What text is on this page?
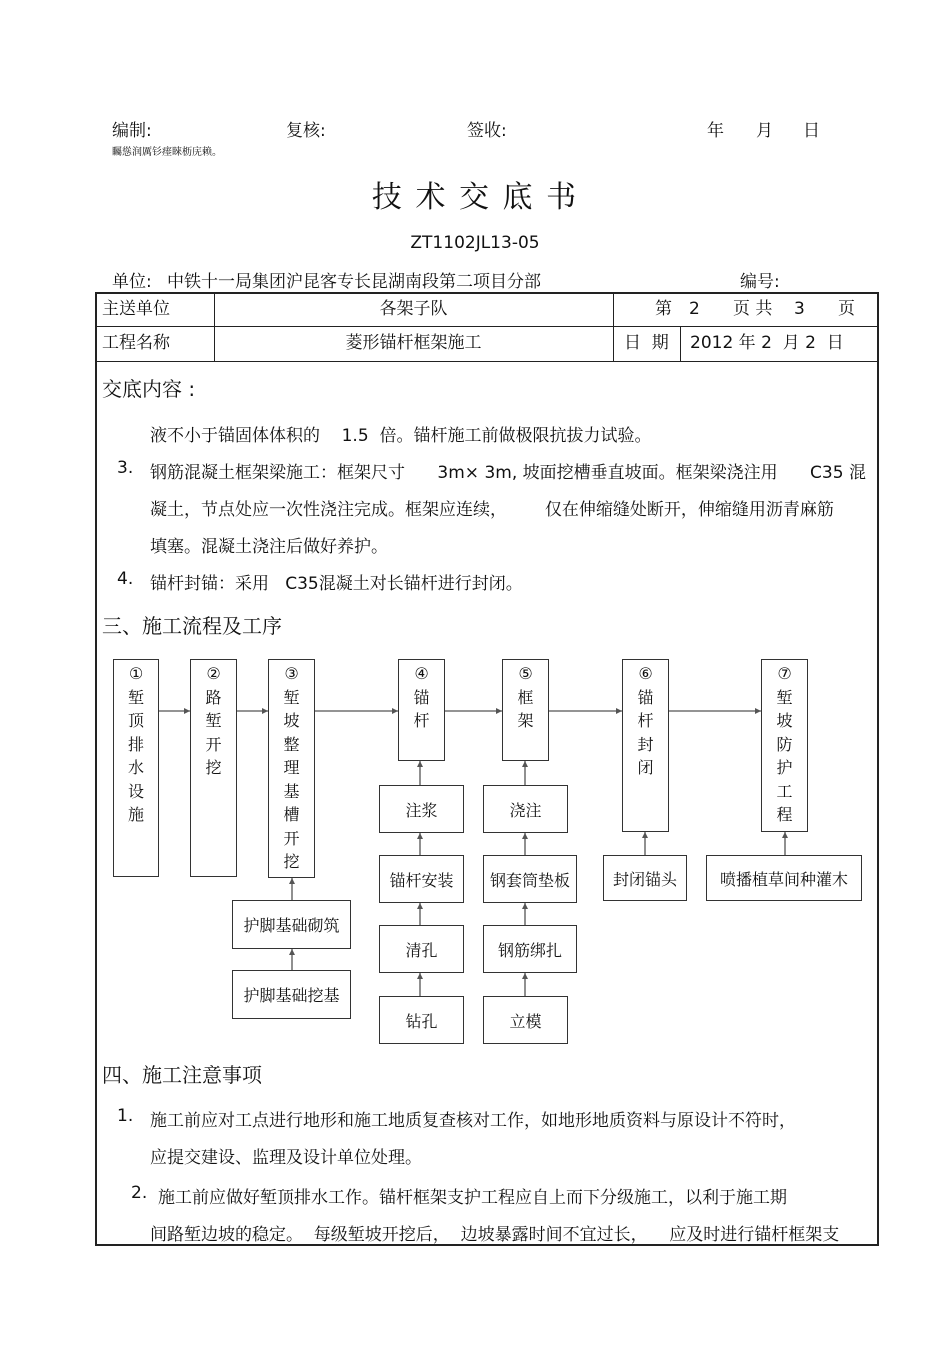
编制:	复核:	签收:	年 月 日
矚慫润厲钐瘗睞枥庑赖。
技 术 交 底 书
ZT1102JL13-05
单位: 中铁十一局集团沪昆客专长昆湖南段第二项目分部	编号:
主送单位	各架子队	第 2 页 共 3 页
工程名称	菱形锚杆框架施工	日  期 2012 年 2  月 2  日
交底内容 :
液不小于锚固体体积的    1.5  倍。锚杆施工前做极限抗拔力试验。
3. 钢筋混凝土框架梁施工：框架尺寸      3m× 3m, 坡面挖槽垂直坡面。框架梁浇注用      C35 混
凝土，节点处应一次性浇注完成。框架应连续，       仅在伸缩缝处断开，伸缩缝用沥青麻筋
填塞。混凝土浇注后做好养护。
4. 锚杆封锚：采用   C35混凝土对长锚杆进行封闭。
三、施工流程及工序
①
堑
顶
排
水
设
施
②
路
堑
开
挖
③
堑
坡
整
理
基
槽
开
挖
④
锚
杆
⑤
框
架
⑥
锚
杆
封
闭
⑦
堑
坡
防
护
工
程
护脚基础砌筑
护脚基础挖基
注浆
锚杆安装
清孔
钻孔
浇注
钢套筒垫板
钢筋绑扎
立模
封闭锚头	喷播植草间种灌木
四、施工注意事项
1. 施工前应对工点进行地形和施工地质复查核对工作，如地形地质资料与原设计不符时，
应提交建设、监理及设计单位处理。
2. 施工前应做好堑顶排水工作。锚杆框架支护工程应自上而下分级施工，以利于施工期
间路堑边坡的稳定。  每级堑坡开挖后，  边坡暴露时间不宜过长，    应及时进行锚杆框架支
